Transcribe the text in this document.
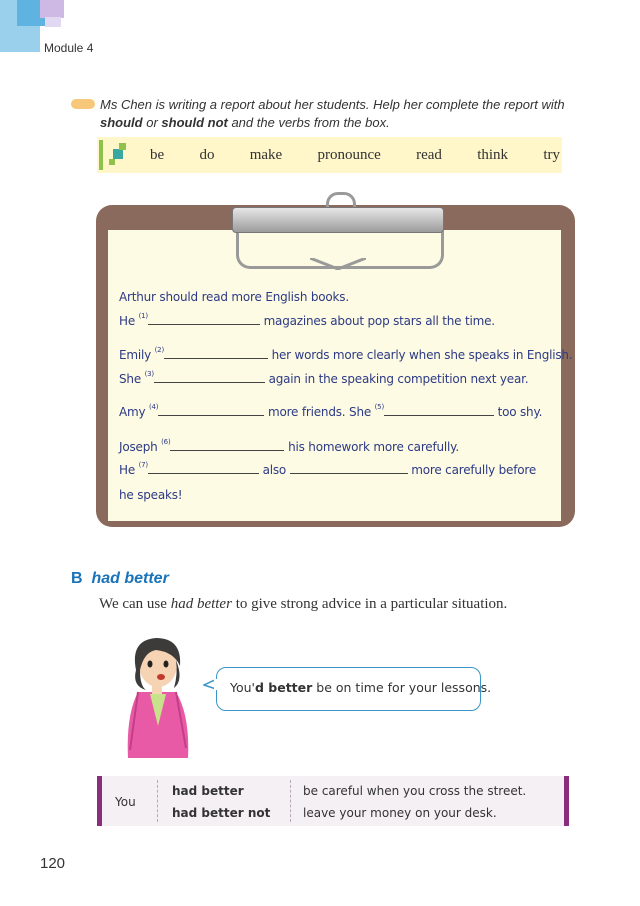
Module 4
Ms Chen is writing a report about her students. Help her complete the report with should or should not and the verbs from the box.
be do make pronounce read think try
Arthur should read more English books.
He $^{(1)}$	magazines about pop stars all the time.
Emily $^{(2)}$	her words more clearly when she speaks in English.
She $^{(3)}$	again in the speaking competition next year.
Amy $^{(4)}$	more friends. She $^{(5)}$	too shy.
Joseph $^{(6)}$	his homework more carefully.
He $^{(7)}$	also	more carefully before
he speaks!
B had better
We can use had better to give strong advice in a particular situation.
You'd better be on time for your lessons.
You
had better	be careful when you cross the street.
had better not	leave your money on your desk.
120
